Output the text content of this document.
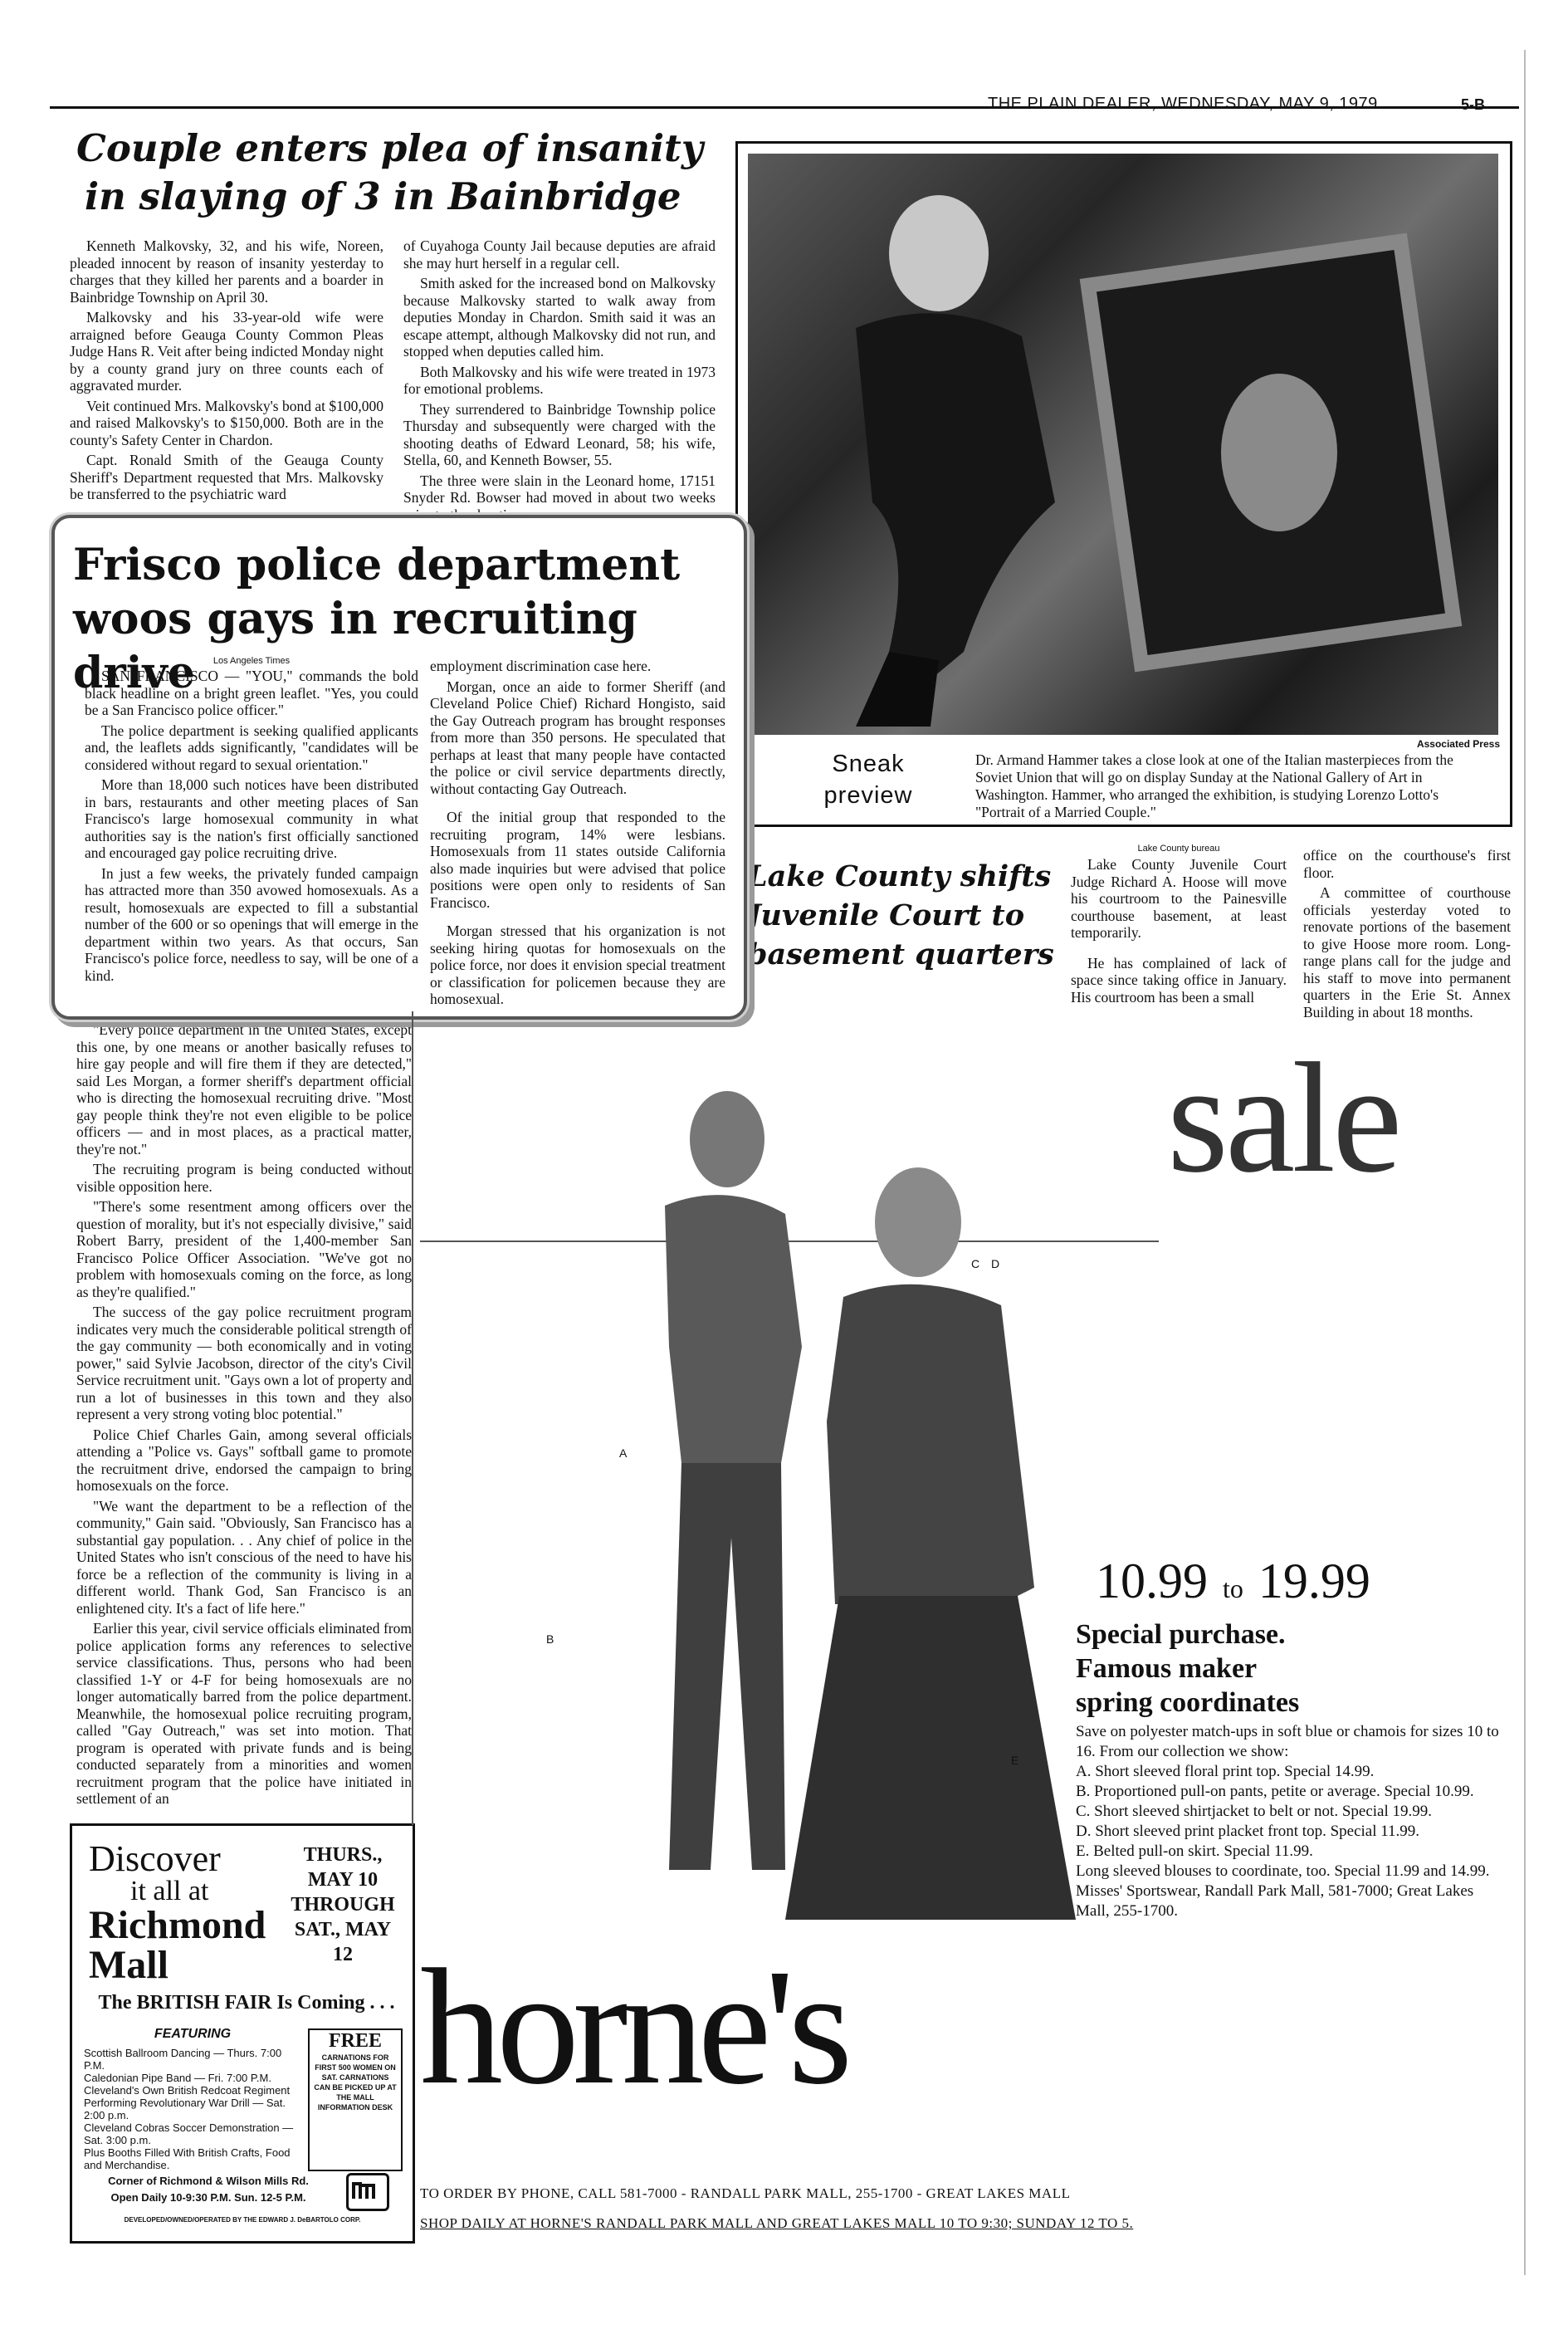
THE PLAIN DEALER, WEDNESDAY, MAY 9, 1979	5-B
Couple enters plea of insanity
in slaying of 3 in Bainbridge

Kenneth Malkovsky, 32, and his wife, Noreen, pleaded innocent by reason of insanity yesterday to charges that they killed her parents and a boarder in Bainbridge Township on April 30.

Malkovsky and his 33-year-old wife were arraigned before Geauga County Common Pleas Judge Hans R. Veit after being indicted Monday night by a county grand jury on three counts each of aggravated murder.

Veit continued Mrs. Malkovsky's bond at $100,000 and raised Malkovsky's to $150,000. Both are in the county's Safety Center in Chardon.

Capt. Ronald Smith of the Geauga County Sheriff's Department requested that Mrs. Malkovsky be transferred to the psychiatric ward

of Cuyahoga County Jail because deputies are afraid she may hurt herself in a regular cell.

Smith asked for the increased bond on Malkovsky because Malkovsky started to walk away from deputies Monday in Chardon. Smith said it was an escape attempt, although Malkovsky did not run, and stopped when deputies called him.

Both Malkovsky and his wife were treated in 1973 for emotional problems.

They surrendered to Bainbridge Township police Thursday and subsequently were charged with the shooting deaths of Edward Leonard, 58; his wife, Stella, 60, and Kenneth Bowser, 55.

The three were slain in the Leonard home, 17151 Snyder Rd. Bowser had moved in about two weeks

Associated Press
Sneak
preview
Dr. Armand Hammer takes a close look at one of the Italian masterpieces from the Soviet Union that will go on display Sunday at the National Gallery of Art in Washington. Hammer, who arranged the exhibition, is studying Lorenzo Lotto's "Portrait of a Married Couple."
Lake County shifts
Juvenile Court to
basement quarters
Lake County bureau

Lake County Juvenile Court Judge Richard A. Hoose will move his courtroom to the Painesville courthouse basement, at least temporarily.

He has complained of lack of space since taking office in January. His courtroom has been a small

office on the courthouse's first floor.

A committee of courthouse officials yesterday voted to renovate portions of the basement to give Hoose more room. Long-range plans call for the judge and his staff to move into permanent quarters in the Erie St. Annex Building in about 18 months.

sale
A
B
C D
E
10.99 to 19.99
Special purchase.
Famous maker
spring coordinates
Save on polyester match-ups in soft blue or chamois for sizes 10 to 16. From our collection we show:
A. Short sleeved floral print top. Special 14.99.
B. Proportioned pull-on pants, petite or average. Special 10.99.
C. Short sleeved shirtjacket to belt or not. Special 19.99.
D. Short sleeved print placket front top. Special 11.99.
E. Belted pull-on skirt. Special 11.99.
Long sleeved blouses to coordinate, too. Special 11.99 and 14.99.
Misses' Sportswear, Randall Park Mall, 581-7000; Great Lakes Mall, 255-1700.
horne's
TO ORDER BY PHONE, CALL 581-7000 - RANDALL PARK MALL, 255-1700 - GREAT LAKES MALL
SHOP DAILY AT HORNE'S RANDALL PARK MALL AND GREAT LAKES MALL 10 TO 9:30; SUNDAY 12 TO 5.

"Every police department in the United States, except this one, by one means or another basically refuses to hire gay people and will fire them if they are detected," said Les Morgan, a former sheriff's department official who is directing the homosexual recruiting drive. "Most gay people think they're not even eligible to be police officers — and in most places, as a practical matter, they're not."

The recruiting program is being conducted without visible opposition here.

"There's some resentment among officers over the question of morality, but it's not especially divisive," said Robert Barry, president of the 1,400-member San Francisco Police Officer Association. "We've got no problem with homosexuals coming on the force, as long as they're qualified."

The success of the gay police recruitment program indicates very much the considerable political strength of the gay community — both economically and in voting power," said Sylvie Jacobson, director of the city's Civil Service recruitment unit. "Gays own a lot of property and run a lot of businesses in this town and they also represent a very strong voting bloc potential."

Police Chief Charles Gain, among several officials attending a "Police vs. Gays" softball game to promote the recruitment drive, endorsed the campaign to bring homosexuals on the force.

"We want the department to be a reflection of the community," Gain said. "Obviously, San Francisco has a substantial gay population. . . Any chief of police in the United States who isn't conscious of the need to have his force be a reflection of the community is living in a different world. Thank God, San Francisco is an enlightened city. It's a fact of life here."

Earlier this year, civil service officials eliminated from police application forms any references to selective service classifications. Thus, persons who had been classified 1-Y or 4-F for being homosexuals are no longer automatically barred from the police department. Meanwhile, the homosexual police recruiting program, called "Gay Outreach," was set into motion. That program is operated with private funds and is being conducted separately from a minorities and women recruitment program that the police have initiated in settlement of an

Frisco police department
woos gays in recruiting drive	Los Angeles Times

SAN FRANCISCO — "YOU," commands the bold black headline on a bright green leaflet. "Yes, you could be a San Francisco police officer."

The police department is seeking qualified applicants and, the leaflets adds significantly, "candidates will be considered without regard to sexual orientation."

More than 18,000 such notices have been distributed in bars, restaurants and other meeting places of San Francisco's large homosexual community in what authorities say is the nation's first officially sanctioned and encouraged gay police recruiting drive.

In just a few weeks, the privately funded campaign has attracted more than 350 avowed homosexuals. As a result, homosexuals are expected to fill a substantial number of the 600 or so openings that will emerge in the department within two years. As that occurs, San Francisco's police force, needless to say, will be one of a kind.

employment discrimination case here.

Morgan, once an aide to former Sheriff (and Cleveland Police Chief) Richard Hongisto, said the Gay Outreach program has brought responses from more than 350 persons. He speculated that perhaps at least that many people have contacted the police or civil service departments directly, without contacting Gay Outreach.

Of the initial group that responded to the recruiting program, 14% were lesbians. Homosexuals from 11 states outside California also made inquiries but were advised that police positions were open only to residents of San Francisco.

Morgan stressed that his organization is not seeking hiring quotas for homosexuals on the police force, nor does it envision special treatment or classification for policemen because they are homosexual.

Discover
it all at
Richmond
Mall
THURS.,
MAY 10
THROUGH
SAT., MAY 12
The BRITISH FAIR Is Coming . . .
FEATURING

Scottish Ballroom Dancing — Thurs. 7:00 P.M.

Caledonian Pipe Band — Fri. 7:00 P.M.

Cleveland's Own British Redcoat Regiment Performing Revolutionary War Drill — Sat. 2:00 p.m.

Cleveland Cobras Soccer Demonstration — Sat. 3:00 p.m.

Plus Booths Filled With British Crafts, Food and Merchandise.

FREE
CARNATIONS FOR FIRST 500 WOMEN ON SAT. CARNATIONS CAN BE PICKED UP AT THE MALL INFORMATION DESK
Corner of Richmond & Wilson Mills Rd.
Open Daily 10-9:30 P.M. Sun. 12-5 P.M.
DEVELOPED/OWNED/OPERATED BY THE EDWARD J. DeBARTOLO CORP.
